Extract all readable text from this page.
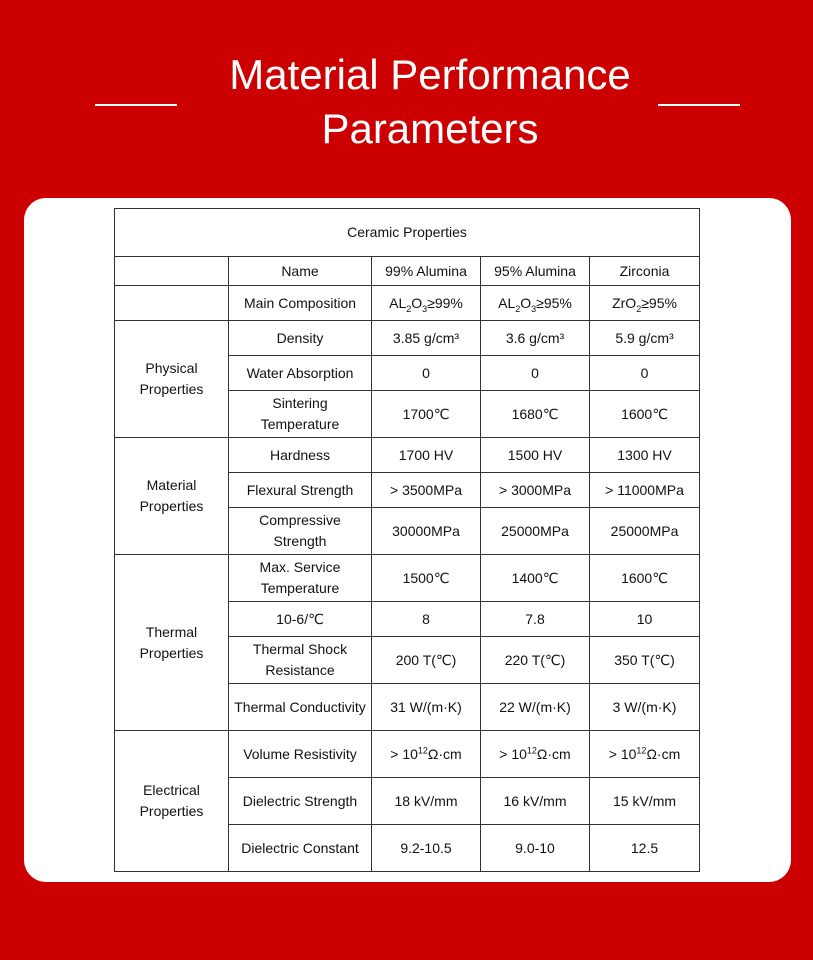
Material Performance Parameters
Ceramic Properties				
	Name	99% Alumina	95% Alumina	Zirconia
	Main Composition	$AL_2O_3\ge 99\%$	$AL_2O_3\ge 95\%$	ZrO$_2$≥95%
Physical Properties	Density	3.85 g/cm³	3.6 g/cm³	5.9 g/cm³
	Water Absorption	0	0	0
	Sintering Temperature	1700℃	1680℃	1600℃
Material Properties	Hardness	1700 HV	1500 HV	1300 HV
	Flexural Strength	> 3500MPa	> 3000MPa	> 11000MPa
	Compressive Strength	30000MPa	25000MPa	25000MPa
Thermal Properties	Max. Service Temperature	1500℃	1400℃	1600℃
	10-6/℃	8	7.8	10
	Thermal Shock Resistance	200 T(℃)	220 T(℃)	350 T(℃)
	Thermal Conductivity	31 W/(m·K)	22 W/(m·K)	3 W/(m·K)
Electrical Properties	Volume Resistivity	> $10^{12}\Omega\cdot cm$	> $10^{12}\Omega\cdot cm$	> $10^{12}\Omega\cdot cm$
	Dielectric Strength	18 kV/mm	16 kV/mm	15 kV/mm
	Dielectric Constant	9.2-10.5	9.0-10	12.5
